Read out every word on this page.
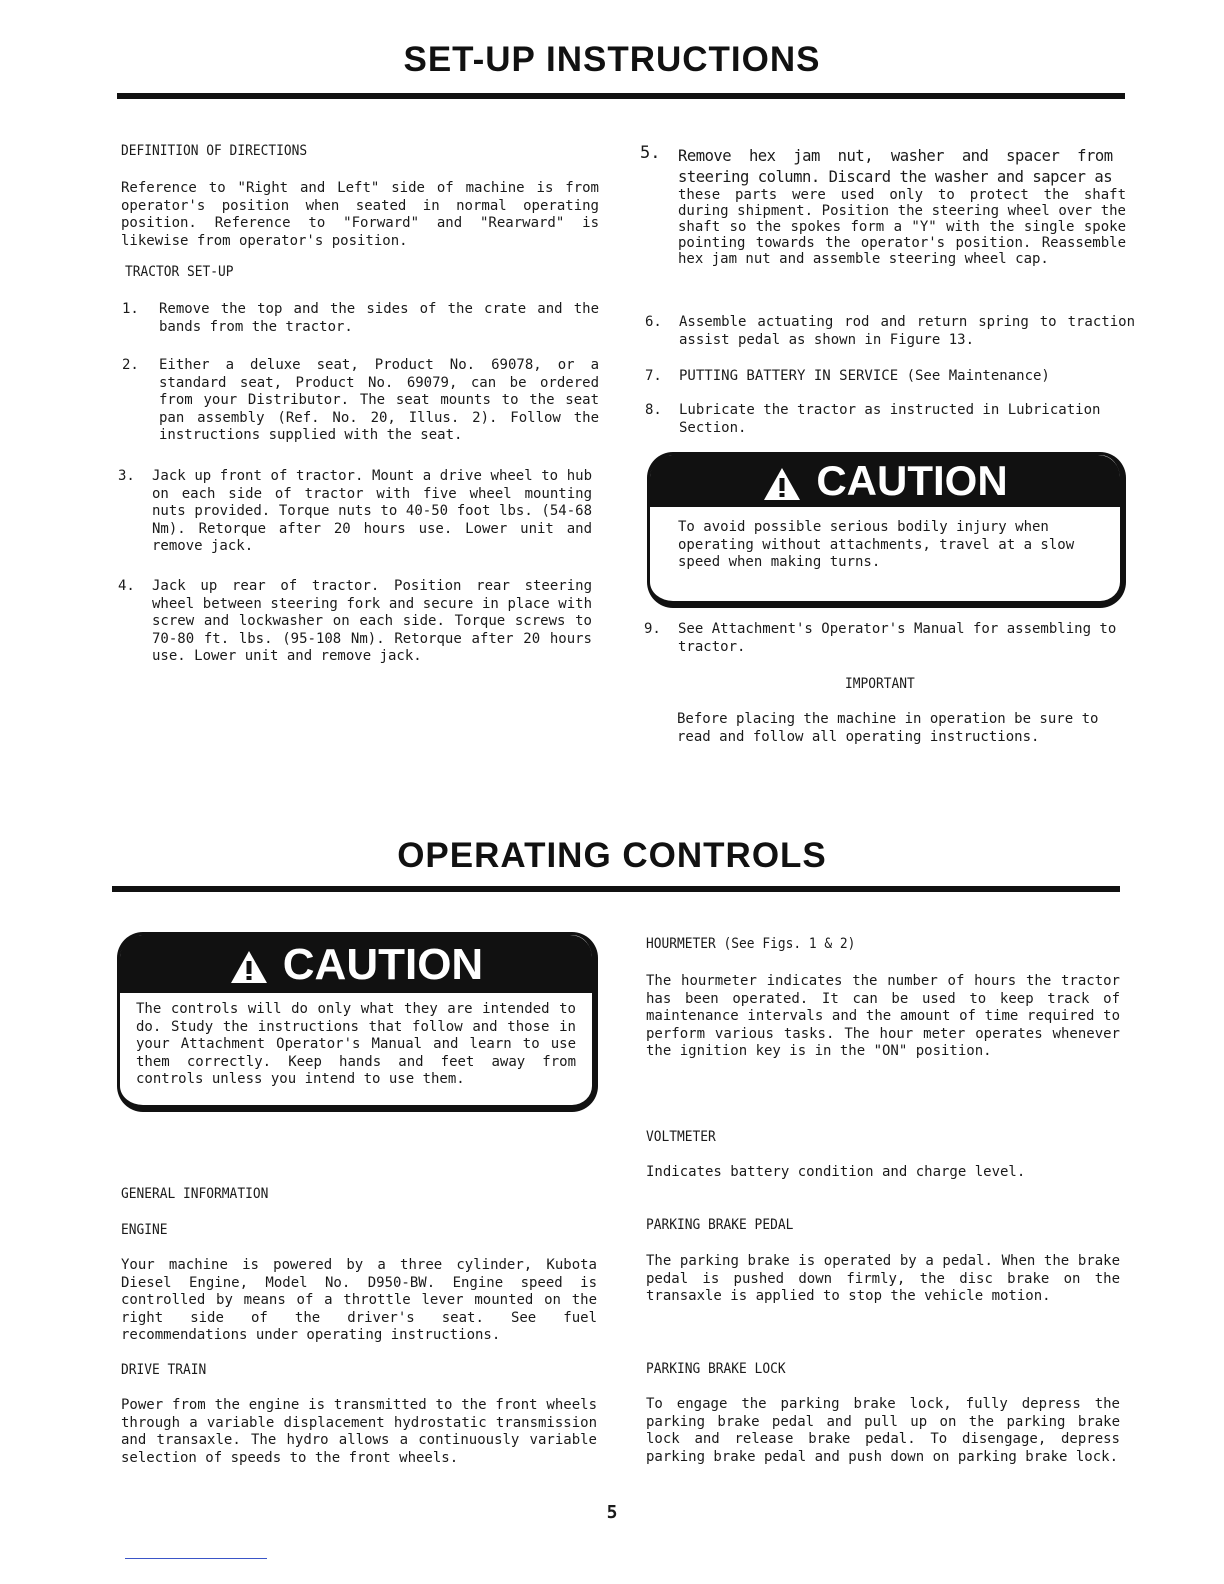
SET-UP INSTRUCTIONS
DEFINITION OF DIRECTIONS
Reference to "Right and Left" side of machine is from operator's position when seated in normal operating position. Reference to "Forward" and "Rearward" is likewise from operator's position.
TRACTOR SET-UP
1. Remove the top and the sides of the crate and the bands from the tractor.
2. Either a deluxe seat, Product No. 69078, or a standard seat, Product No. 69079, can be ordered from your Distributor. The seat mounts to the seat pan assembly (Ref. No. 20, Illus. 2). Follow the instructions supplied with the seat.
3. Jack up front of tractor. Mount a drive wheel to hub on each side of tractor with five wheel mounting nuts provided. Torque nuts to 40-50 foot lbs. (54-68 Nm). Retorque after 20 hours use. Lower unit and remove jack.
4. Jack up rear of tractor. Position rear steering wheel between steering fork and secure in place with screw and lockwasher on each side. Torque screws to 70-80 ft. lbs. (95-108 Nm). Retorque after 20 hours use. Lower unit and remove jack.
5. Remove hex jam nut, washer and spacer from steering column. Discard the washer and sapcer as
these parts were used only to protect the shaft during shipment. Position the steering wheel over the shaft so the spokes form a "Y" with the single spoke pointing towards the operator's position. Reassemble hex jam nut and assemble steering wheel cap.
6. Assemble actuating rod and return spring to traction assist pedal as shown in Figure 13.
7. PUTTING BATTERY IN SERVICE (See Maintenance)
8. Lubricate the tractor as instructed in Lubrication Section.
CAUTION
To avoid possible serious bodily injury when operating without attachments, travel at a slow speed when making turns.
9. See Attachment's Operator's Manual for assembling to tractor.
IMPORTANT
Before placing the machine in operation be sure to read and follow all operating instructions.
OPERATING CONTROLS
CAUTION
The controls will do only what they are intended to do. Study the instructions that follow and those in your Attachment Operator's Manual and learn to use them correctly. Keep hands and feet away from controls unless you intend to use them.
GENERAL INFORMATION
ENGINE
Your machine is powered by a three cylinder, Kubota Diesel Engine, Model No. D950-BW. Engine speed is controlled by means of a throttle lever mounted on the right side of the driver's seat. See fuel recommendations under operating instructions.
DRIVE TRAIN
Power from the engine is transmitted to the front wheels through a variable displacement hydrostatic transmission and transaxle. The hydro allows a continuously variable selection of speeds to the front wheels.
HOURMETER (See Figs. 1 & 2)
The hourmeter indicates the number of hours the tractor has been operated. It can be used to keep track of maintenance intervals and the amount of time required to perform various tasks. The hour meter operates whenever the ignition key is in the "ON" position.
VOLTMETER
Indicates battery condition and charge level.
PARKING BRAKE PEDAL
The parking brake is operated by a pedal. When the brake pedal is pushed down firmly, the disc brake on the transaxle is applied to stop the vehicle motion.
PARKING BRAKE LOCK
To engage the parking brake lock, fully depress the parking brake pedal and pull up on the parking brake lock and release brake pedal. To disengage, depress parking brake pedal and push down on parking brake lock.
5
